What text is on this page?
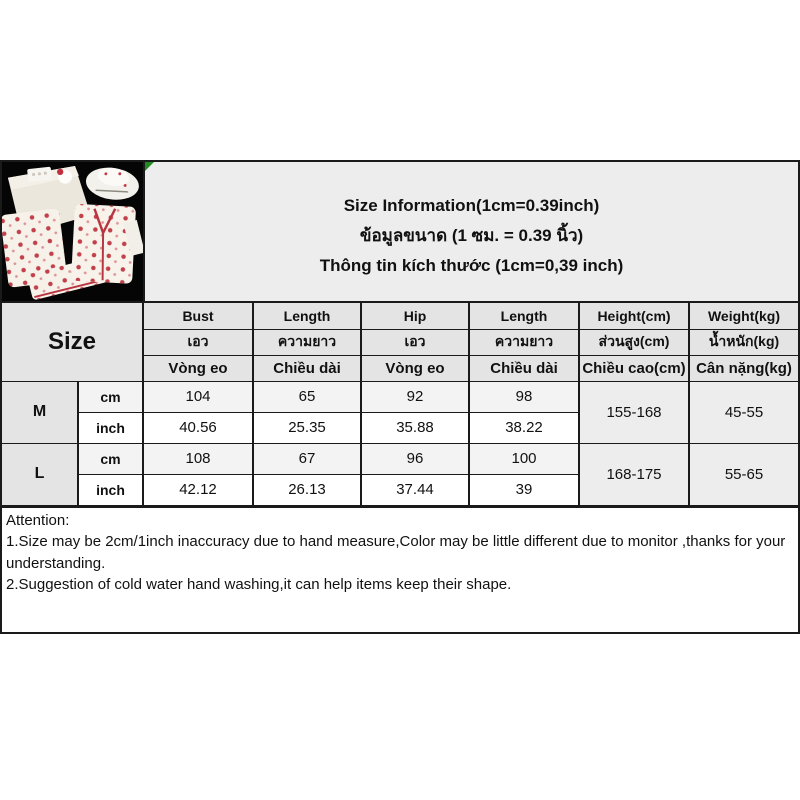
Size Information(1cm=0.39inch)
ข้อมูลขนาด (1 ซม. = 0.39 นิ้ว)
Thông tin kích thước (1cm=0,39 inch)
Size		Bust	Length	Hip	Length	Height(cm)	Weight(kg)
		เอว	ความยาว	เอว	ความยาว	ส่วนสูง(cm)	น้ำหนัก(kg)
		Vòng eo	Chiều dài	Vòng eo	Chiều dài	Chiều cao(cm)	Cân nặng(kg)
M	cm	104	65	92	98	155-168	45-55
	inch	40.56	25.35	35.88	38.22		
L	cm	108	67	96	100	168-175	55-65
	inch	42.12	26.13	37.44	39		
Attention:
1.Size may be 2cm/1inch inaccuracy due to hand measure,Color may be little different due to monitor ,thanks for your understanding.
2.Suggestion of cold water hand washing,it can help items keep their shape.
